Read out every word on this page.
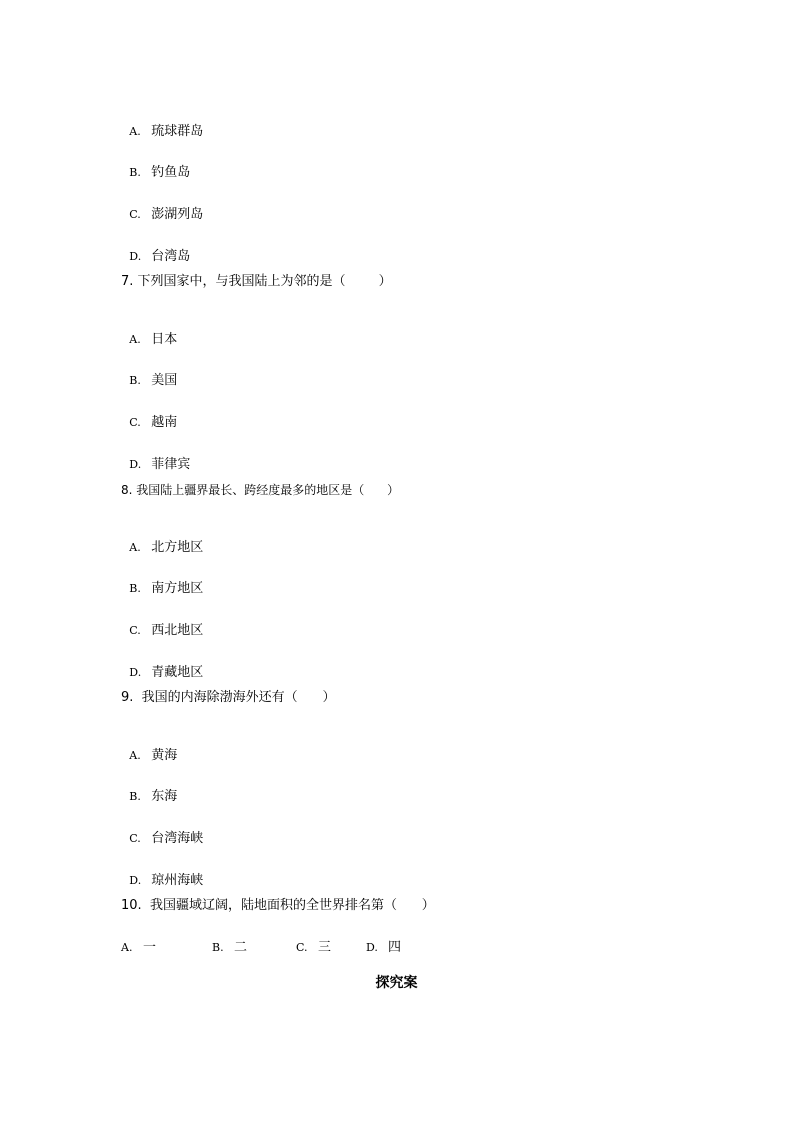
A. 琉球群岛

B. 钓鱼岛

C. 澎湖列岛

D. 台湾岛

7. 下列国家中，与我国陆上为邻的是（        ）

A. 日本

B. 美国

C. 越南

D. 菲律宾

8. 我国陆上疆界最长、跨经度最多的地区是（      ）

A. 北方地区

B. 南方地区

C. 西北地区

D. 青藏地区

9.  我国的内海除渤海外还有（      ）

A. 黄海

B. 东海

C. 台湾海峡

D. 琼州海峡

10.  我国疆域辽阔，陆地面积的全世界排名第（      ）
A. 一	B. 二	C. 三	D. 四
探究案
